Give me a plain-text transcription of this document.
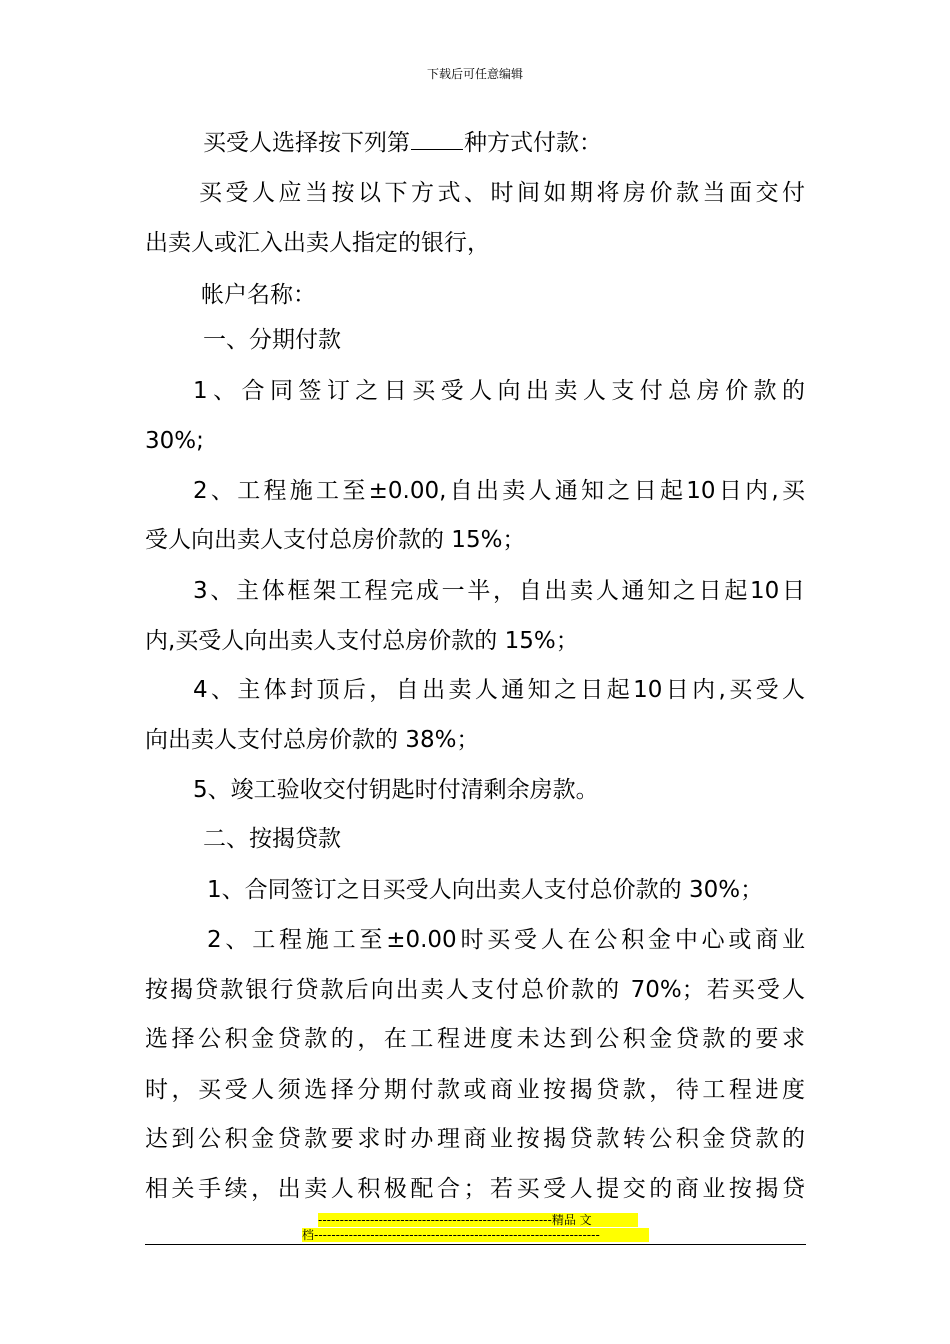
下载后可任意编辑
买受人选择按下列第 种方式付款：
买受人应当按以下方式、时间如期将房价款当面交付
出卖人或汇入出卖人指定的银行，
帐户名称：
一、分期付款
1、合同签订之日买受人向出卖人支付总房价款的
30%;
2、工程施工至±0.00,自出卖人通知之日起10日内,买
受人向出卖人支付总房价款的 15%；
3、主体框架工程完成一半，自出卖人通知之日起10日
内,买受人向出卖人支付总房价款的 15%；
4、主体封顶后，自出卖人通知之日起10日内,买受人
向出卖人支付总房价款的 38%；
5、竣工验收交付钥匙时付清剩余房款。
二、按揭贷款
1、合同签订之日买受人向出卖人支付总价款的 30%；
2、工程施工至±0.00时买受人在公积金中心或商业
按揭贷款银行贷款后向出卖人支付总价款的 70%；若买受人
选择公积金贷款的，在工程进度未达到公积金贷款的要求
时，买受人须选择分期付款或商业按揭贷款，待工程进度
达到公积金贷款要求时办理商业按揭贷款转公积金贷款的
相关手续，出卖人积极配合；若买受人提交的商业按揭贷
------------------------------------------------------精品 文
档------------------------------------------------------------------
